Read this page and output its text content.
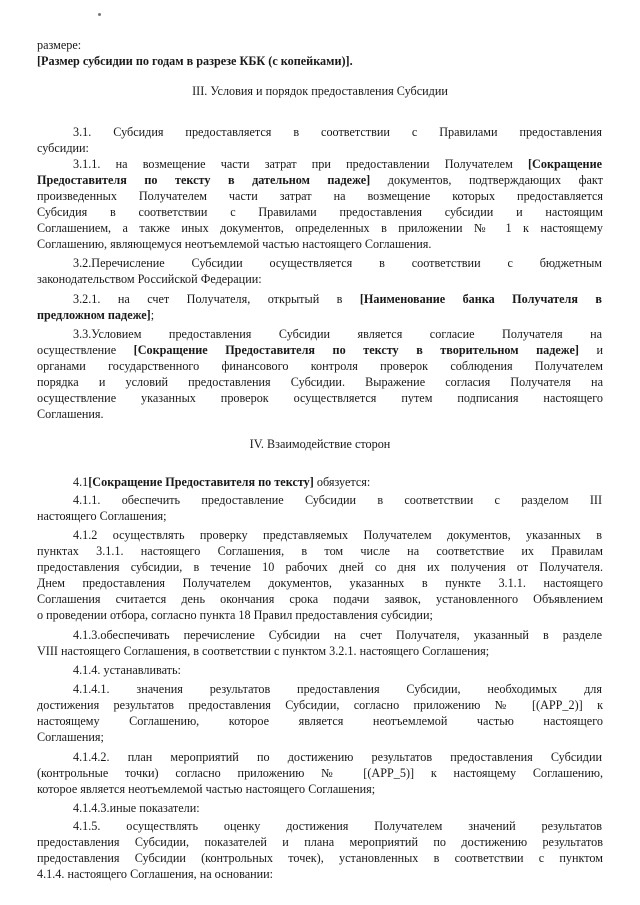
размере:
[Размер субсидии по годам в разрезе КБК (с копейками)].
III. Условия и порядок предоставления Субсидии
3.1. Субсидия предоставляется в соответствии с Правилами предоставления
субсидии:
3.1.1. на возмещение части затрат при предоставлении Получателем [Сокращение
Предоставителя по тексту в дательном падеже] документов, подтверждающих факт
произведенных Получателем части затрат на возмещение которых предоставляется
Субсидия в соответствии с Правилами предоставления субсидии и настоящим
Соглашением, а также иных документов, определенных в приложении № 1 к настоящему
Соглашению, являющемуся неотъемлемой частью настоящего Соглашения.
3.2.Перечисление Субсидии осуществляется в соответствии с бюджетным
законодательством Российской Федерации:
3.2.1. на счет Получателя, открытый в [Наименование банка Получателя в
предложном падеже];
3.3.Условием предоставления Субсидии является согласие Получателя на
осуществление [Сокращение Предоставителя по тексту в творительном падеже] и
органами государственного финансового контроля проверок соблюдения Получателем
порядка и условий предоставления Субсидии. Выражение согласия Получателя на
осуществление указанных проверок осуществляется путем подписания настоящего
Соглашения.
IV. Взаимодействие сторон
4.1[Сокращение Предоставителя по тексту] обязуется:
4.1.1. обеспечить предоставление Субсидии в соответствии с разделом III
настоящего Соглашения;
4.1.2 осуществлять проверку представляемых Получателем документов, указанных в
пунктах 3.1.1. настоящего Соглашения, в том числе на соответствие их Правилам
предоставления субсидии, в течение 10 рабочих дней со дня их получения от Получателя.
Днем предоставления Получателем документов, указанных в пункте 3.1.1. настоящего
Соглашения считается день окончания срока подачи заявок, установленного Объявлением
о проведении отбора, согласно пункта 18 Правил предоставления субсидии;
4.1.3.обеспечивать перечисление Субсидии на счет Получателя, указанный в разделе
VIII настоящего Соглашения, в соответствии с пунктом 3.2.1. настоящего Соглашения;
4.1.4. устанавливать:
4.1.4.1. значения результатов предоставления Субсидии, необходимых для
достижения результатов предоставления Субсидии, согласно приложению № [(APP_2)] к
настоящему Соглашению, которое является неотъемлемой частью настоящего
Соглашения;
4.1.4.2. план мероприятий по достижению результатов предоставления Субсидии
(контрольные точки) согласно приложению № [(APP_5)] к настоящему Соглашению,
которое является неотъемлемой частью настоящего Соглашения;
4.1.4.3.иные показатели:
4.1.5. осуществлять оценку достижения Получателем значений результатов
предоставления Субсидии, показателей и плана мероприятий по достижению результатов
предоставления Субсидии (контрольных точек), установленных в соответствии с пунктом
4.1.4. настоящего Соглашения, на основании:
